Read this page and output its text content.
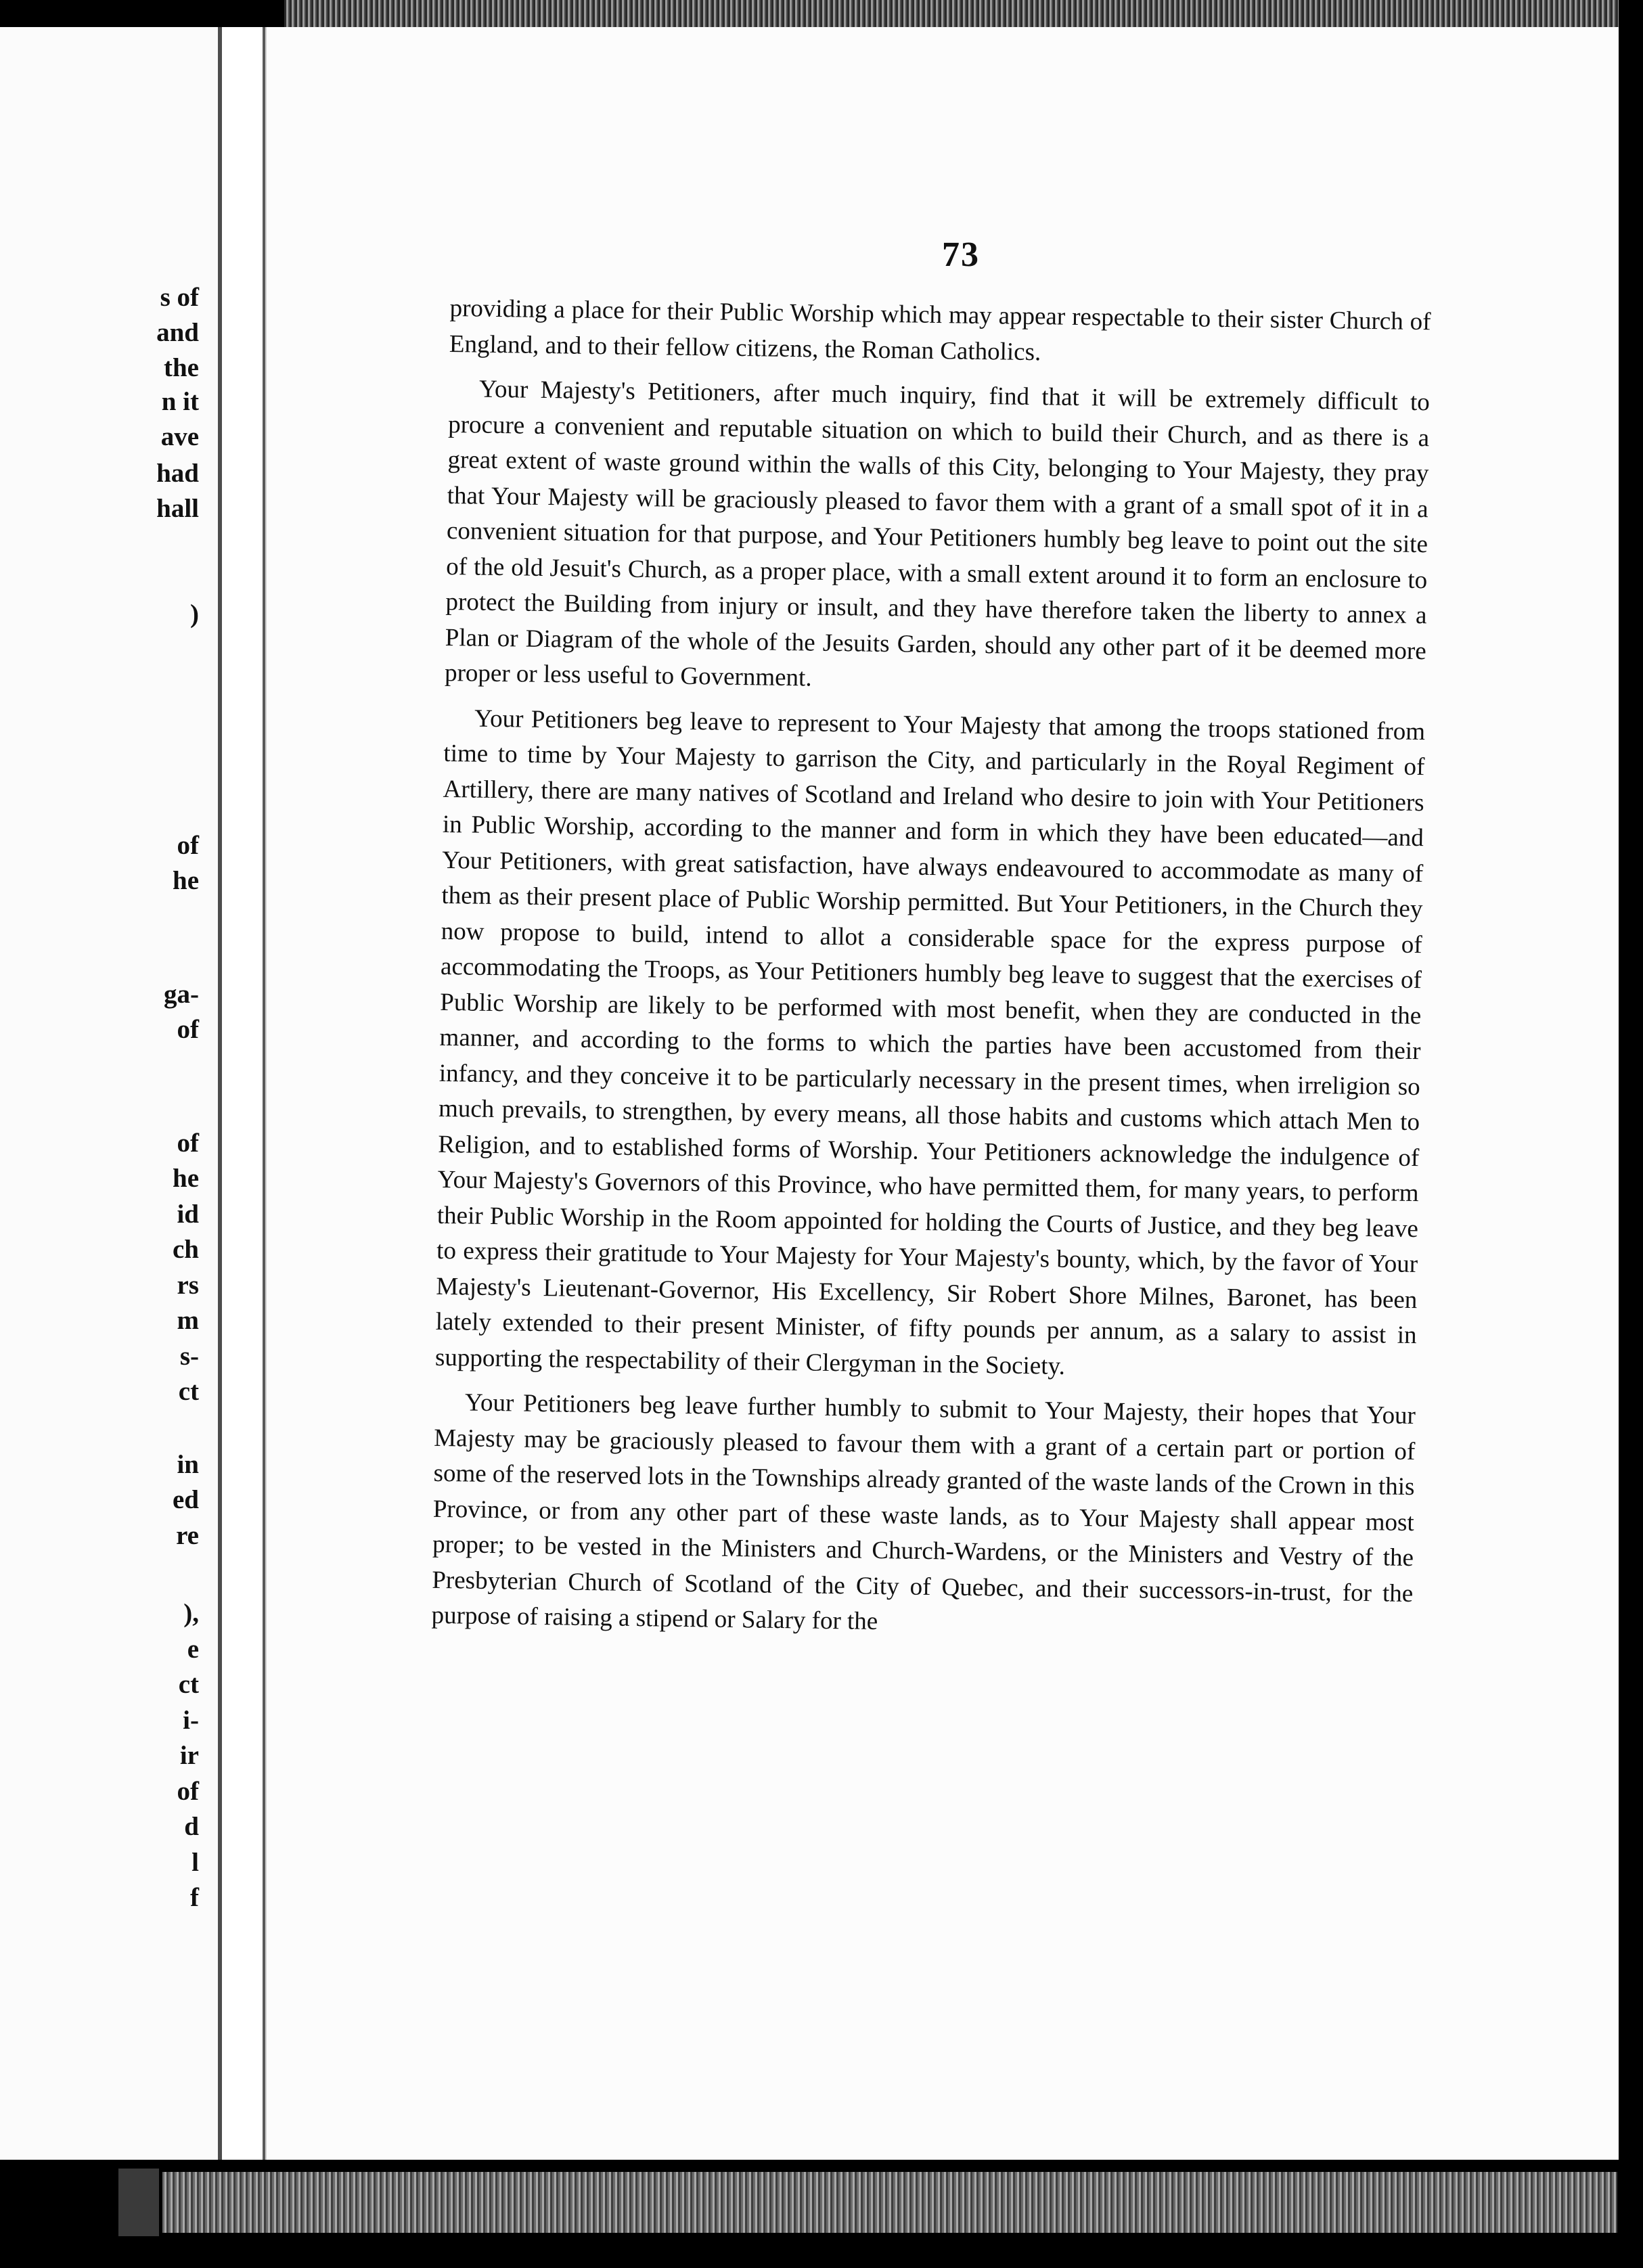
s of
and
the
n it
ave
had
hall
)
of
he
ga-
of
of
he
id
ch
rs
m
s-
ct
in
ed
re
),
e
ct
i-
ir
of
d
l
f
73

providing a place for their Public Worship which may appear respectable to their sister Church of England, and to their fellow citizens, the Roman Catholics.

Your Majesty's Petitioners, after much inquiry, find that it will be extremely difficult to procure a convenient and reputable situation on which to build their Church, and as there is a great extent of waste ground within the walls of this City, belonging to Your Majesty, they pray that Your Majesty will be graciously pleased to favor them with a grant of a small spot of it in a convenient situation for that purpose, and Your Petitioners humbly beg leave to point out the site of the old Jesuit's Church, as a proper place, with a small extent around it to form an enclosure to protect the Building from injury or insult, and they have therefore taken the liberty to annex a Plan or Diagram of the whole of the Jesuits Garden, should any other part of it be deemed more proper or less useful to Government.

Your Petitioners beg leave to represent to Your Majesty that among the troops stationed from time to time by Your Majesty to garrison the City, and particularly in the Royal Regiment of Artillery, there are many natives of Scotland and Ireland who desire to join with Your Petitioners in Public Worship, according to the manner and form in which they have been educated—and Your Petitioners, with great satisfaction, have always endeavoured to accommodate as many of them as their present place of Public Worship permitted. But Your Petitioners, in the Church they now propose to build, intend to allot a considerable space for the express purpose of accommodating the Troops, as Your Petitioners humbly beg leave to suggest that the exercises of Public Worship are likely to be performed with most benefit, when they are conducted in the manner, and according to the forms to which the parties have been accustomed from their infancy, and they conceive it to be particularly necessary in the present times, when irreligion so much prevails, to strengthen, by every means, all those habits and customs which attach Men to Religion, and to established forms of Worship. Your Petitioners acknowledge the indulgence of Your Majesty's Governors of this Province, who have permitted them, for many years, to perform their Public Worship in the Room appointed for holding the Courts of Justice, and they beg leave to express their gratitude to Your Majesty for Your Majesty's bounty, which, by the favor of Your Majesty's Lieutenant-Governor, His Excellency, Sir Robert Shore Milnes, Baronet, has been lately extended to their present Minister, of fifty pounds per annum, as a salary to assist in supporting the respectability of their Clergyman in the Society.

Your Petitioners beg leave further humbly to submit to Your Majesty, their hopes that Your Majesty may be graciously pleased to favour them with a grant of a certain part or portion of some of the reserved lots in the Townships already granted of the waste lands of the Crown in this Province, or from any other part of these waste lands, as to Your Majesty shall appear most proper; to be vested in the Ministers and Church-Wardens, or the Ministers and Vestry of the Presbyterian Church of Scotland of the City of Quebec, and their successors-in-trust, for the purpose of raising a stipend or Salary for the
